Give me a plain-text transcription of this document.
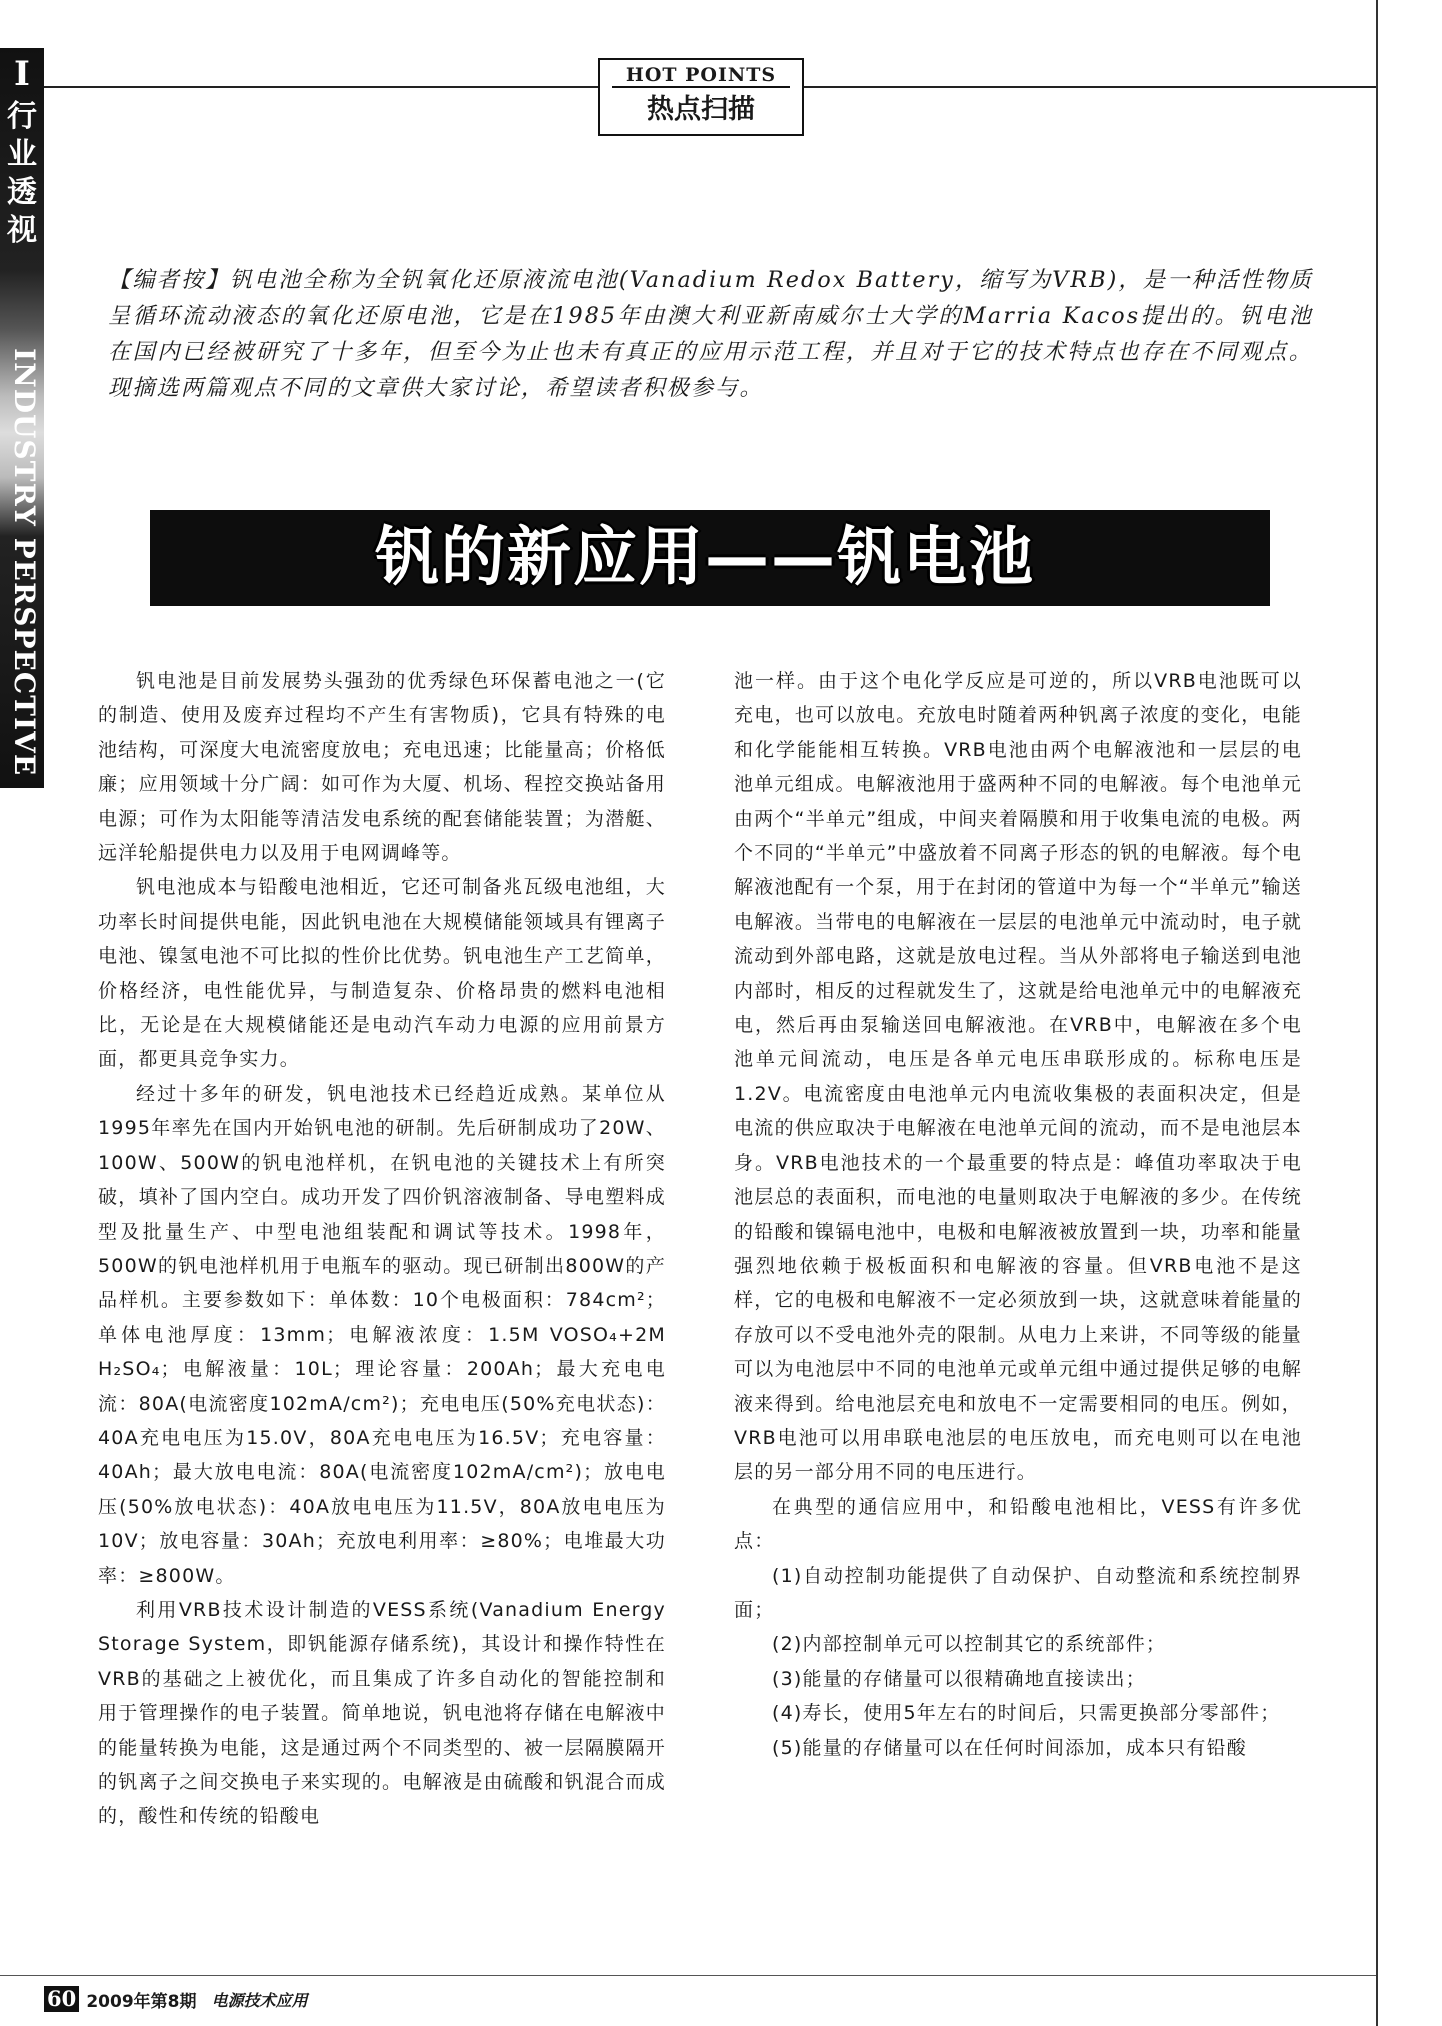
I
行业透视
INDUSTRY PERSPECTIVE
HOT POINTS
热点扫描
【编者按】钒电池全称为全钒氧化还原液流电池(Vanadium Redox Battery，缩写为VRB)，是一种活性物质呈循环流动液态的氧化还原电池，它是在1985年由澳大利亚新南威尔士大学的Marria Kacos提出的。钒电池在国内已经被研究了十多年，但至今为止也未有真正的应用示范工程，并且对于它的技术特点也存在不同观点。现摘选两篇观点不同的文章供大家讨论，希望读者积极参与。
钒的新应用——钒电池

钒电池是目前发展势头强劲的优秀绿色环保蓄电池之一(它的制造、使用及废弃过程均不产生有害物质)，它具有特殊的电池结构，可深度大电流密度放电；充电迅速；比能量高；价格低廉；应用领域十分广阔：如可作为大厦、机场、程控交换站备用电源；可作为太阳能等清洁发电系统的配套储能装置；为潜艇、远洋轮船提供电力以及用于电网调峰等。

钒电池成本与铅酸电池相近，它还可制备兆瓦级电池组，大功率长时间提供电能，因此钒电池在大规模储能领域具有锂离子电池、镍氢电池不可比拟的性价比优势。钒电池生产工艺简单，价格经济，电性能优异，与制造复杂、价格昂贵的燃料电池相比，无论是在大规模储能还是电动汽车动力电源的应用前景方面，都更具竞争实力。

经过十多年的研发，钒电池技术已经趋近成熟。某单位从1995年率先在国内开始钒电池的研制。先后研制成功了20W、100W、500W的钒电池样机，在钒电池的关键技术上有所突破，填补了国内空白。成功开发了四价钒溶液制备、导电塑料成型及批量生产、中型电池组装配和调试等技术。1998年，500W的钒电池样机用于电瓶车的驱动。现已研制出800W的产品样机。主要参数如下：单体数：10个电极面积：784cm²；单体电池厚度：13mm；电解液浓度：1.5M VOSO₄+2M H₂SO₄；电解液量：10L；理论容量：200Ah；最大充电电流：80A(电流密度102mA/cm²)；充电电压(50%充电状态)：40A充电电压为15.0V，80A充电电压为16.5V；充电容量：40Ah；最大放电电流：80A(电流密度102mA/cm²)；放电电压(50%放电状态)：40A放电电压为11.5V，80A放电电压为10V；放电容量：30Ah；充放电利用率：≥80%；电堆最大功率：≥800W。

利用VRB技术设计制造的VESS系统(Vanadium Energy Storage System，即钒能源存储系统)，其设计和操作特性在VRB的基础之上被优化，而且集成了许多自动化的智能控制和用于管理操作的电子装置。简单地说，钒电池将存储在电解液中的能量转换为电能，这是通过两个不同类型的、被一层隔膜隔开的钒离子之间交换电子来实现的。电解液是由硫酸和钒混合而成的，酸性和传统的铅酸电

池一样。由于这个电化学反应是可逆的，所以VRB电池既可以充电，也可以放电。充放电时随着两种钒离子浓度的变化，电能和化学能能相互转换。VRB电池由两个电解液池和一层层的电池单元组成。电解液池用于盛两种不同的电解液。每个电池单元由两个“半单元”组成，中间夹着隔膜和用于收集电流的电极。两个不同的“半单元”中盛放着不同离子形态的钒的电解液。每个电解液池配有一个泵，用于在封闭的管道中为每一个“半单元”输送电解液。当带电的电解液在一层层的电池单元中流动时，电子就流动到外部电路，这就是放电过程。当从外部将电子输送到电池内部时，相反的过程就发生了，这就是给电池单元中的电解液充电，然后再由泵输送回电解液池。在VRB中，电解液在多个电池单元间流动，电压是各单元电压串联形成的。标称电压是1.2V。电流密度由电池单元内电流收集极的表面积决定，但是电流的供应取决于电解液在电池单元间的流动，而不是电池层本身。VRB电池技术的一个最重要的特点是：峰值功率取决于电池层总的表面积，而电池的电量则取决于电解液的多少。在传统的铅酸和镍镉电池中，电极和电解液被放置到一块，功率和能量强烈地依赖于极板面积和电解液的容量。但VRB电池不是这样，它的电极和电解液不一定必须放到一块，这就意味着能量的存放可以不受电池外壳的限制。从电力上来讲，不同等级的能量可以为电池层中不同的电池单元或单元组中通过提供足够的电解液来得到。给电池层充电和放电不一定需要相同的电压。例如，VRB电池可以用串联电池层的电压放电，而充电则可以在电池层的另一部分用不同的电压进行。

在典型的通信应用中，和铅酸电池相比，VESS有许多优点：

(1)自动控制功能提供了自动保护、自动整流和系统控制界面；

(2)内部控制单元可以控制其它的系统部件；

(3)能量的存储量可以很精确地直接读出；

(4)寿长，使用5年左右的时间后，只需更换部分零部件；

(5)能量的存储量可以在任何时间添加，成本只有铅酸

60 2009年第8期 电源技术应用
